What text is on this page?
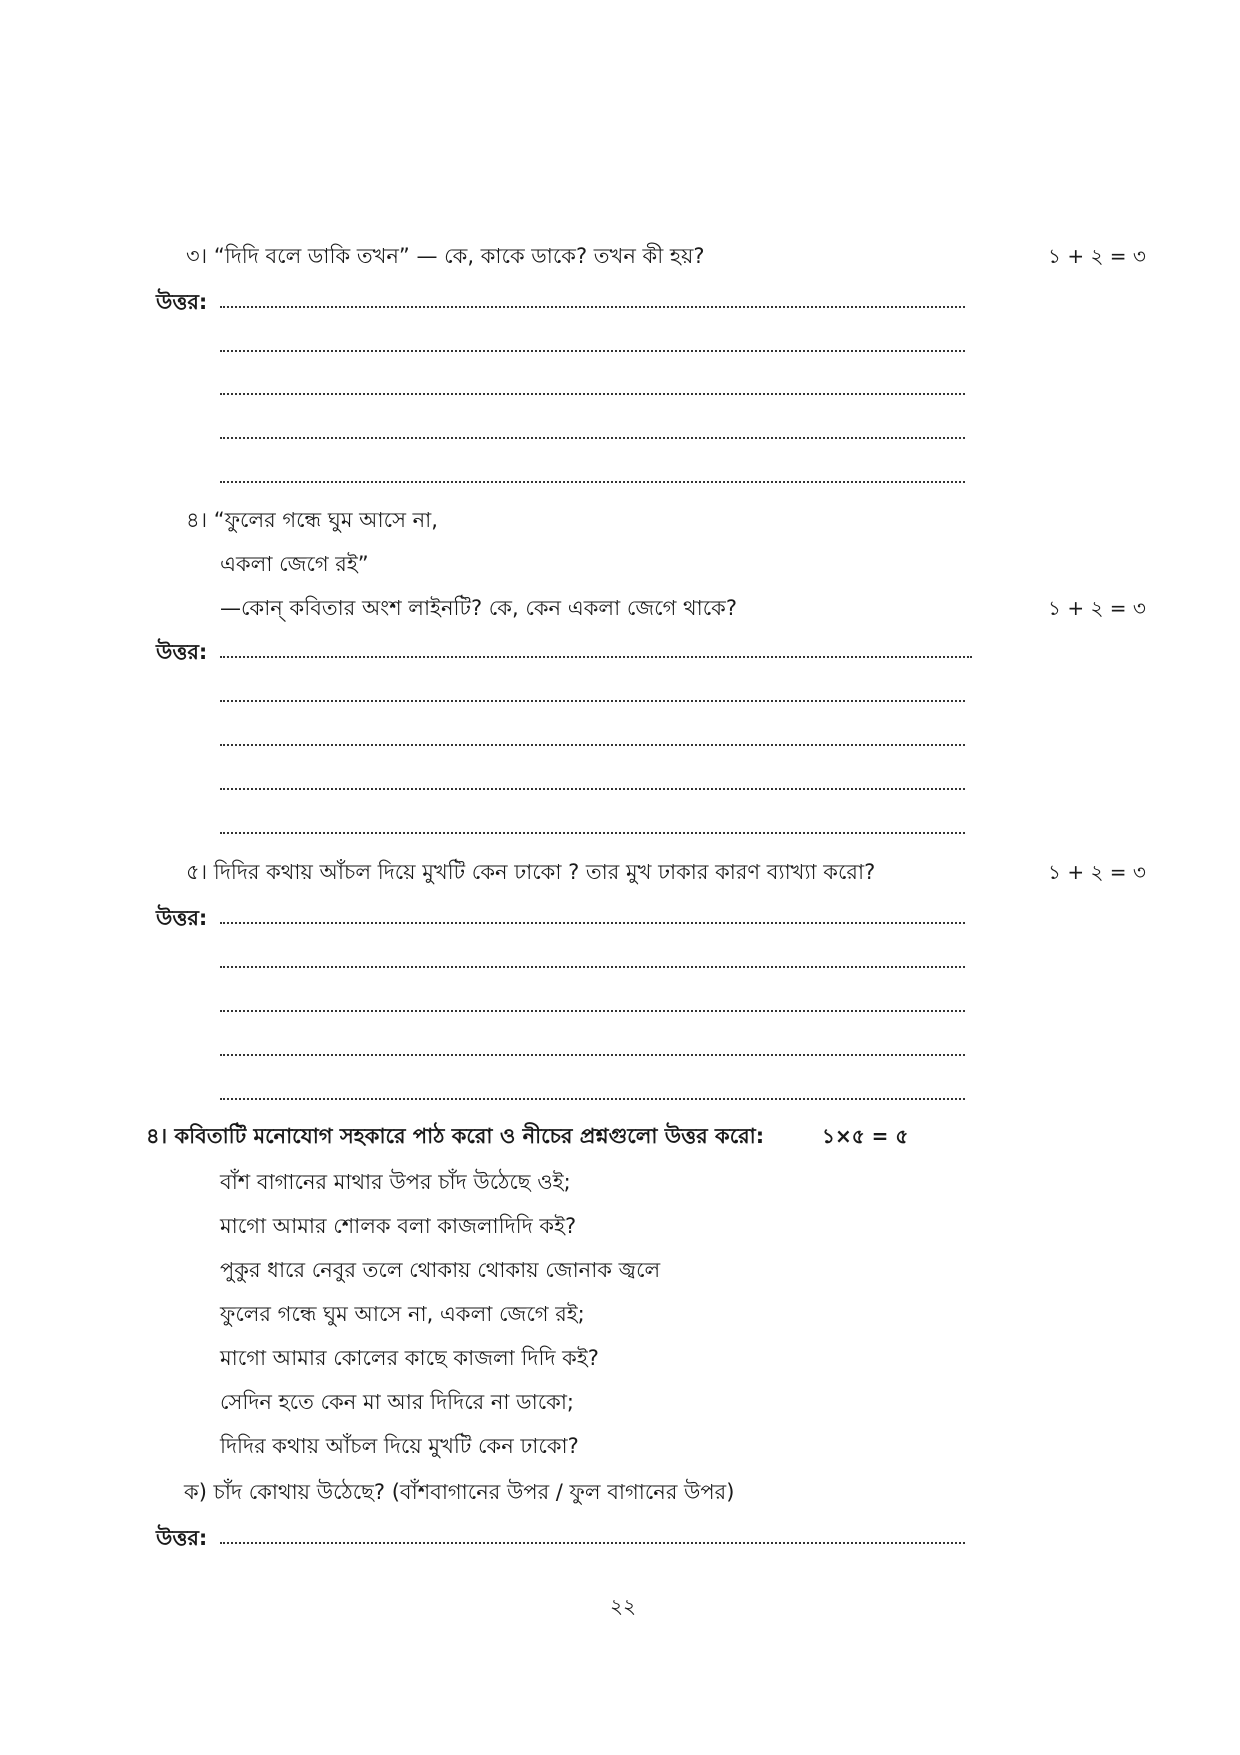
৩। “দিদি বলে ডাকি তখন” — কে, কাকে ডাকে? তখন কী হয়?	১ + ২ = ৩
উত্তর:
৪। “ফুলের গন্ধে ঘুম আসে না,
একলা জেগে রই”
—কোন্ কবিতার অংশ লাইনটি? কে, কেন একলা জেগে থাকে?	১ + ২ = ৩
উত্তর:
৫। দিদির কথায় আঁচল দিয়ে মুখটি কেন ঢাকো ? তার মুখ ঢাকার কারণ ব্যাখ্যা করো?	১ + ২ = ৩
উত্তর:
৪। কবিতাটি মনোযোগ সহকারে পাঠ করো ও নীচের প্রশ্নগুলো উত্তর করো:	১×৫ = ৫
বাঁশ বাগানের মাথার উপর চাঁদ উঠেছে ওই;
মাগো আমার শোলক বলা কাজলাদিদি কই?
পুকুর ধারে নেবুর তলে থোকায় থোকায় জোনাক জ্বলে
ফুলের গন্ধে ঘুম আসে না, একলা জেগে রই;
মাগো আমার কোলের কাছে কাজলা দিদি কই?
সেদিন হতে কেন মা আর দিদিরে না ডাকো;
দিদির কথায় আঁচল দিয়ে মুখটি কেন ঢাকো?
ক) চাঁদ কোথায় উঠেছে? (বাঁশবাগানের উপর / ফুল বাগানের উপর)
উত্তর:
২২
